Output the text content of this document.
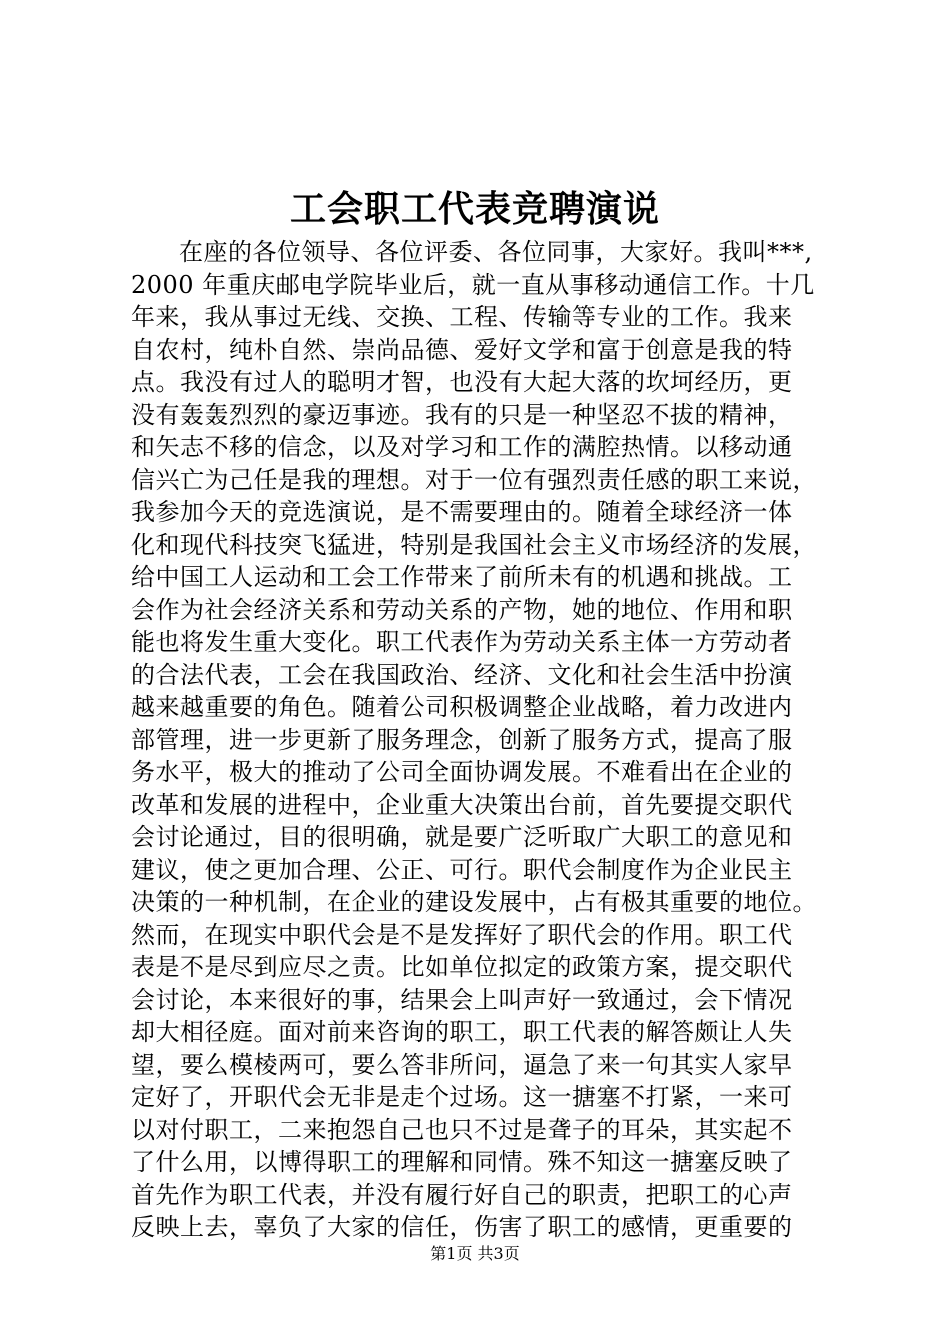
工会职工代表竞聘演说
在座的各位领导、各位评委、各位同事，大家好。我叫***,
2000 年重庆邮电学院毕业后，就一直从事移动通信工作。十几
年来，我从事过无线、交换、工程、传输等专业的工作。我来
自农村，纯朴自然、崇尚品德、爱好文学和富于创意是我的特
点。我没有过人的聪明才智，也没有大起大落的坎坷经历，更
没有轰轰烈烈的豪迈事迹。我有的只是一种坚忍不拔的精神，
和矢志不移的信念，以及对学习和工作的满腔热情。以移动通
信兴亡为己任是我的理想。对于一位有强烈责任感的职工来说，
我参加今天的竞选演说，是不需要理由的。随着全球经济一体
化和现代科技突飞猛进，特别是我国社会主义市场经济的发展，
给中国工人运动和工会工作带来了前所未有的机遇和挑战。工
会作为社会经济关系和劳动关系的产物，她的地位、作用和职
能也将发生重大变化。职工代表作为劳动关系主体一方劳动者
的合法代表，工会在我国政治、经济、文化和社会生活中扮演
越来越重要的角色。随着公司积极调整企业战略，着力改进内
部管理，进一步更新了服务理念，创新了服务方式，提高了服
务水平，极大的推动了公司全面协调发展。不难看出在企业的
改革和发展的进程中，企业重大决策出台前，首先要提交职代
会讨论通过，目的很明确，就是要广泛听取广大职工的意见和
建议，使之更加合理、公正、可行。职代会制度作为企业民主
决策的一种机制，在企业的建设发展中，占有极其重要的地位。
然而，在现实中职代会是不是发挥好了职代会的作用。职工代
表是不是尽到应尽之责。比如单位拟定的政策方案，提交职代
会讨论，本来很好的事，结果会上叫声好一致通过，会下情况
却大相径庭。面对前来咨询的职工，职工代表的解答颇让人失
望，要么模棱两可，要么答非所问，逼急了来一句其实人家早
定好了，开职代会无非是走个过场。这一搪塞不打紧，一来可
以对付职工，二来抱怨自己也只不过是聋子的耳朵，其实起不
了什么用，以博得职工的理解和同情。殊不知这一搪塞反映了
首先作为职工代表，并没有履行好自己的职责，把职工的心声
反映上去，辜负了大家的信任，伤害了职工的感情，更重要的
第1页 共3页
